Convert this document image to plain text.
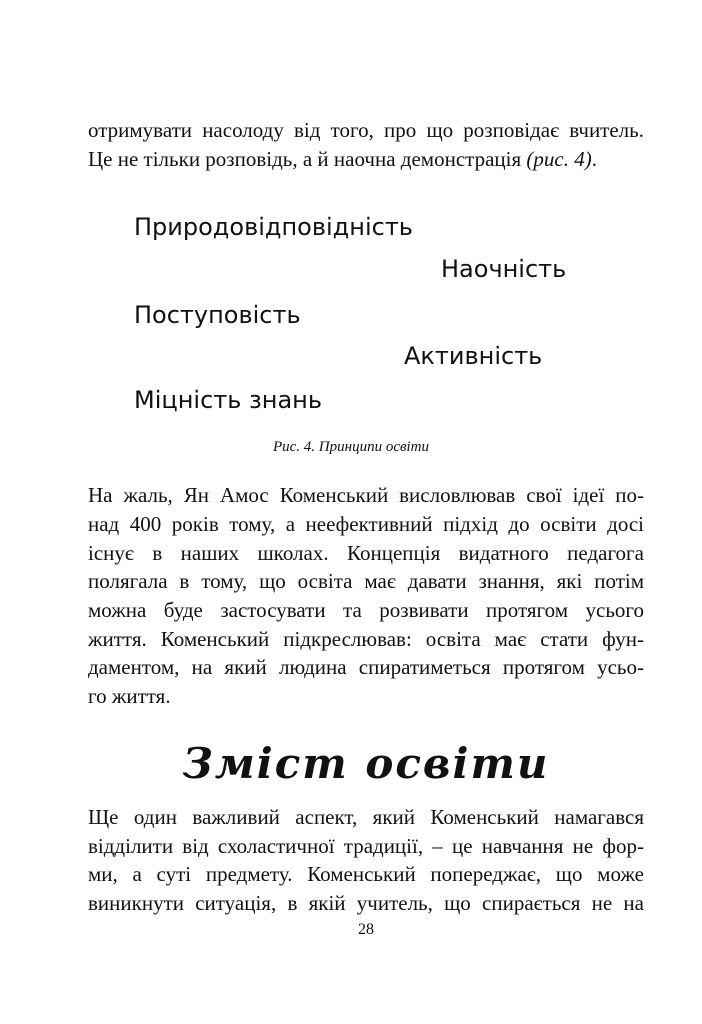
отримувати насолоду від того, про що розповідає вчитель.
Це не тільки розповідь, а й наочна демонстрація (рис. 4).
Природовідповідність
Наочність
Поступовість
Активність
Міцність знань
Рис. 4. Принципи освіти
На жаль, Ян Амос Коменський висловлював свої ідеї по-
над 400 років тому, а неефективний підхід до освіти досі
існує в наших школах. Концепція видатного педагога
полягала в тому, що освіта має давати знання, які потім
можна буде застосувати та розвивати протягом усього
життя. Коменський підкреслював: освіта має стати фун-
даментом, на який людина спиратиметься протягом усьо-
го життя.
Зміст освіти
Ще один важливий аспект, який Коменський намагався
відділити від схоластичної традиції, – це навчання не фор-
ми, а суті предмету. Коменський попереджає, що може
виникнути ситуація, в якій учитель, що спирається не на
28
